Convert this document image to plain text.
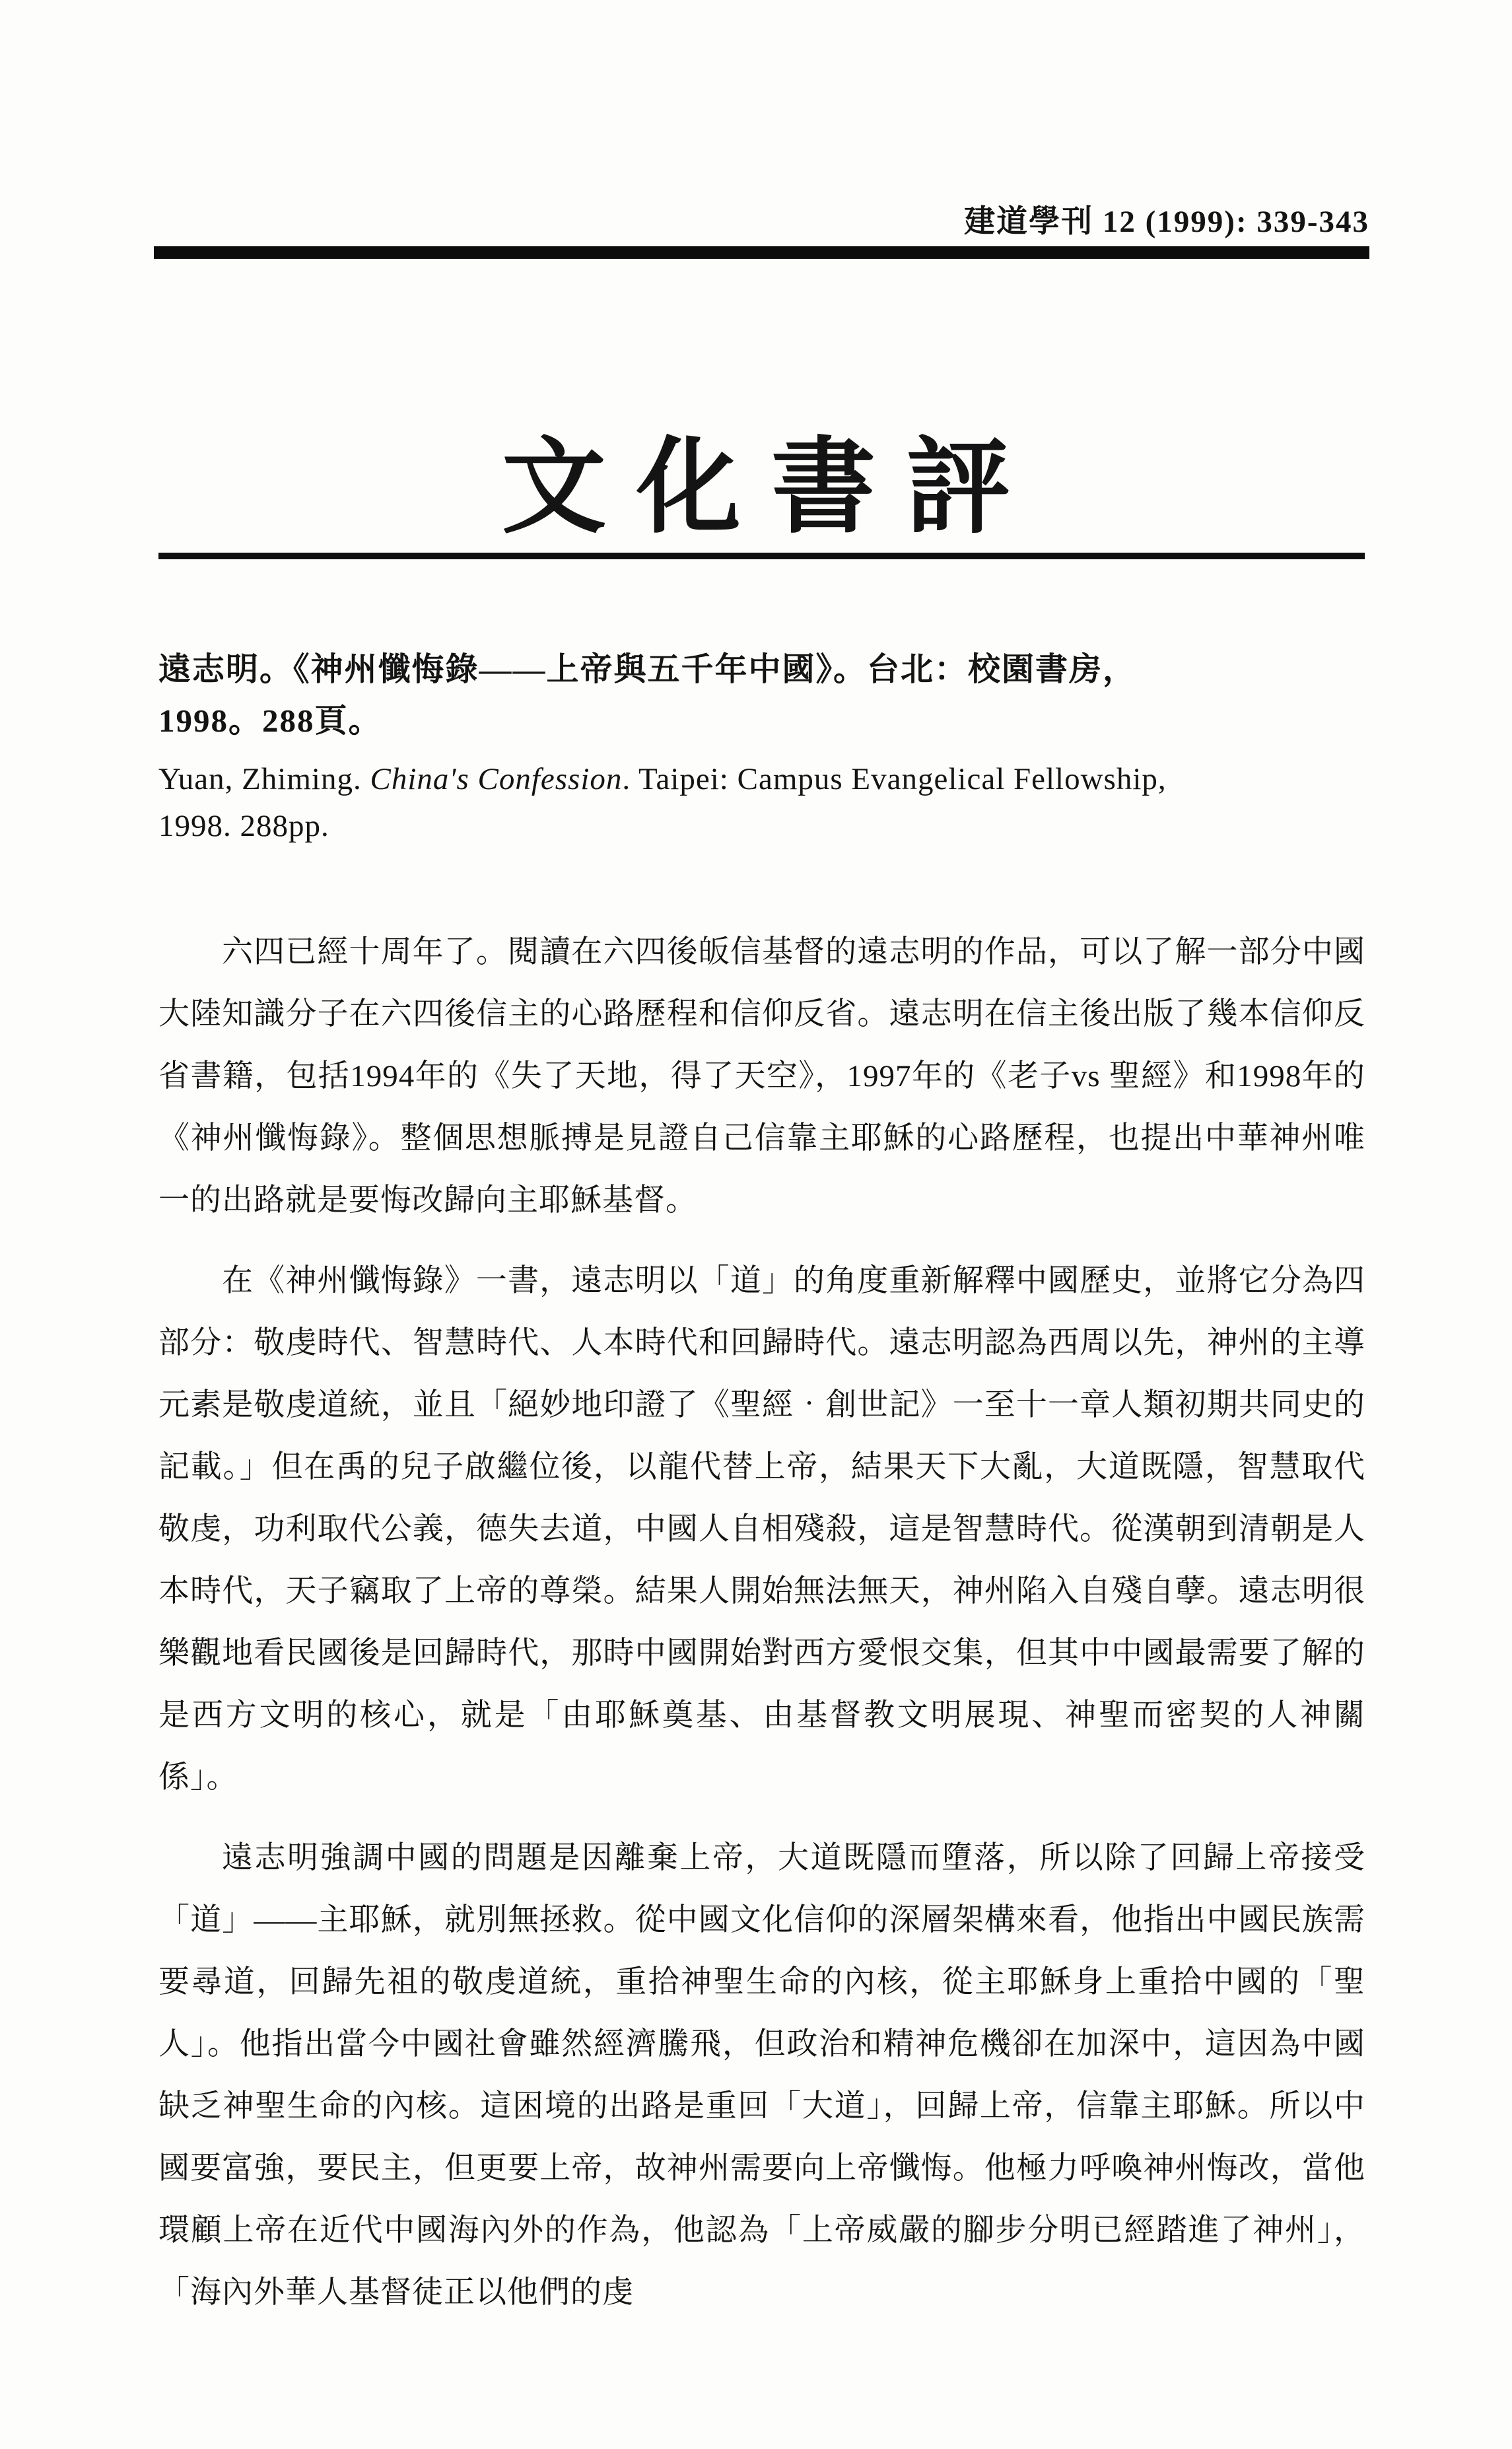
建道學刊 12 (1999): 339-343
文化書評
遠志明。《神州懺悔錄——上帝與五千年中國》。台北：校園書房，
1998。288頁。
Yuan, Zhiming. China's Confession. Taipei: Campus Evangelical Fellowship,
1998. 288pp.

六四已經十周年了。閱讀在六四後皈信基督的遠志明的作品，可以了解一部分中國大陸知識分子在六四後信主的心路歷程和信仰反省。遠志明在信主後出版了幾本信仰反省書籍，包括1994年的《失了天地，得了天空》，1997年的《老子vs 聖經》和1998年的《神州懺悔錄》。整個思想脈搏是見證自己信靠主耶穌的心路歷程，也提出中華神州唯一的出路就是要悔改歸向主耶穌基督。

在《神州懺悔錄》一書，遠志明以「道」的角度重新解釋中國歷史，並將它分為四部分：敬虔時代、智慧時代、人本時代和回歸時代。遠志明認為西周以先，神州的主導元素是敬虔道統，並且「絕妙地印證了《聖經‧創世記》一至十一章人類初期共同史的記載。」但在禹的兒子啟繼位後，以龍代替上帝，結果天下大亂，大道既隱，智慧取代敬虔，功利取代公義，德失去道，中國人自相殘殺，這是智慧時代。從漢朝到清朝是人本時代，天子竊取了上帝的尊榮。結果人開始無法無天，神州陷入自殘自孽。遠志明很樂觀地看民國後是回歸時代，那時中國開始對西方愛恨交集，但其中中國最需要了解的是西方文明的核心，就是「由耶穌奠基、由基督教文明展現、神聖而密契的人神關係」。

遠志明強調中國的問題是因離棄上帝，大道既隱而墮落，所以除了回歸上帝接受「道」——主耶穌，就別無拯救。從中國文化信仰的深層架構來看，他指出中國民族需要尋道，回歸先祖的敬虔道統，重拾神聖生命的內核，從主耶穌身上重拾中國的「聖人」。他指出當今中國社會雖然經濟騰飛，但政治和精神危機卻在加深中，這因為中國缺乏神聖生命的內核。這困境的出路是重回「大道」，回歸上帝，信靠主耶穌。所以中國要富強，要民主，但更要上帝，故神州需要向上帝懺悔。他極力呼喚神州悔改，當他環顧上帝在近代中國海內外的作為，他認為「上帝威嚴的腳步分明已經踏進了神州」，「海內外華人基督徒正以他們的虔
